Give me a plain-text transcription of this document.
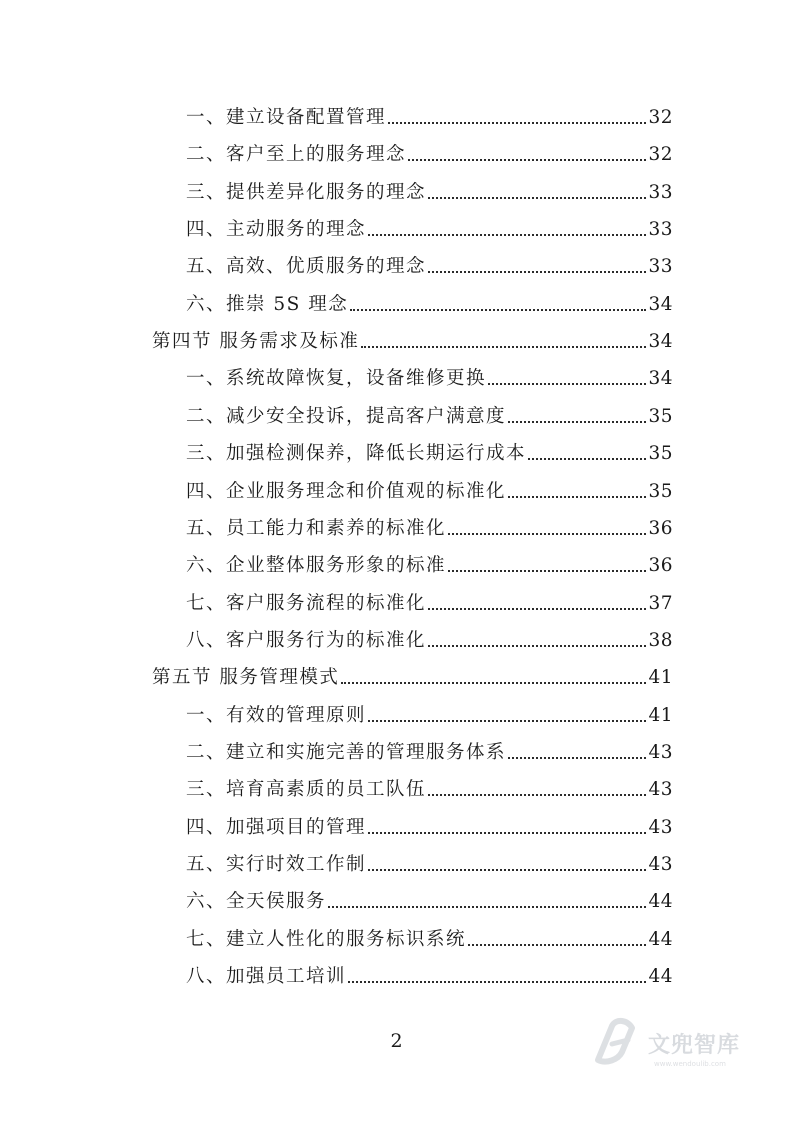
一、建立设备配置管理	32
二、客户至上的服务理念	32
三、提供差异化服务的理念	33
四、主动服务的理念	33
五、高效、优质服务的理念	33
六、推崇 5S 理念	34
第四节 服务需求及标准	34
一、系统故障恢复，设备维修更换	34
二、减少安全投诉，提高客户满意度	35
三、加强检测保养，降低长期运行成本	35
四、企业服务理念和价值观的标准化	35
五、员工能力和素养的标准化	36
六、企业整体服务形象的标准	36
七、客户服务流程的标准化	37
八、客户服务行为的标准化	38
第五节 服务管理模式	41
一、有效的管理原则	41
二、建立和实施完善的管理服务体系	43
三、培育高素质的员工队伍	43
四、加强项目的管理	43
五、实行时效工作制	43
六、全天侯服务	44
七、建立人性化的服务标识系统	44
八、加强员工培训	44
2	文兜智库
www.wendoulib.com
